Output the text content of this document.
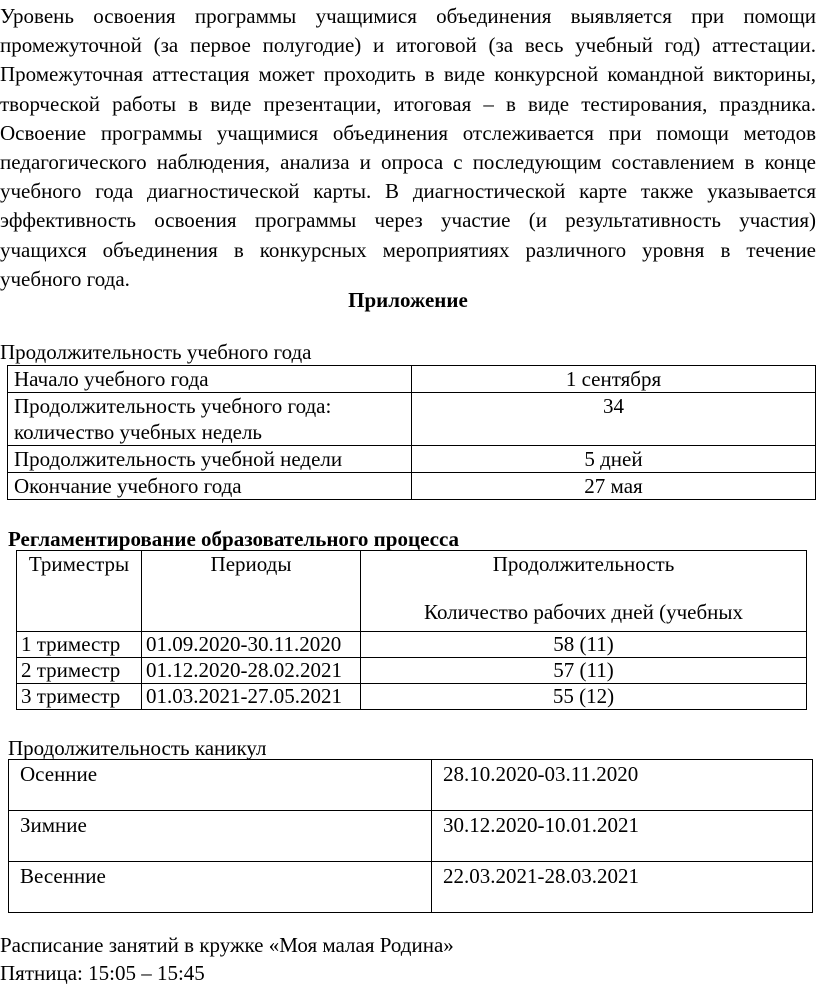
Уровень освоения программы учащимися объединения выявляется при помощи промежуточной (за первое полугодие) и итоговой (за весь учебный год) аттестации. Промежуточная аттестация может проходить в виде конкурсной командной викторины, творческой работы в виде презентации, итоговая – в виде тестирования, праздника. Освоение программы учащимися объединения отслеживается при помощи методов педагогического наблюдения, анализа и опроса с последующим составлением в конце учебного года диагностической карты. В диагностической карте также указывается эффективность освоения программы через участие (и результативность участия) учащихся объединения в конкурсных мероприятиях различного уровня в течение учебного года.

Приложение

Продолжительность учебного года

Начало учебного года	1 сентября
Продолжительность учебного года: количество учебных недель	34
Продолжительность учебной недели	5 дней
Окончание учебного года	27 мая

Регламентирование образовательного процесса

Триместры	Периоды	Продолжительность
Количество рабочих дней (учебных

1 триместр	01.09.2020-30.11.2020	58 (11)
2 триместр	01.12.2020-28.02.2021	57 (11)
3 триместр	01.03.2021-27.05.2021	55 (12)

Продолжительность каникул

Осенние	28.10.2020-03.11.2020
Зимние	30.12.2020-10.01.2021
Весенние	22.03.2021-28.03.2021

Расписание занятий в кружке «Моя малая Родина»

Пятница: 15:05 – 15:45
